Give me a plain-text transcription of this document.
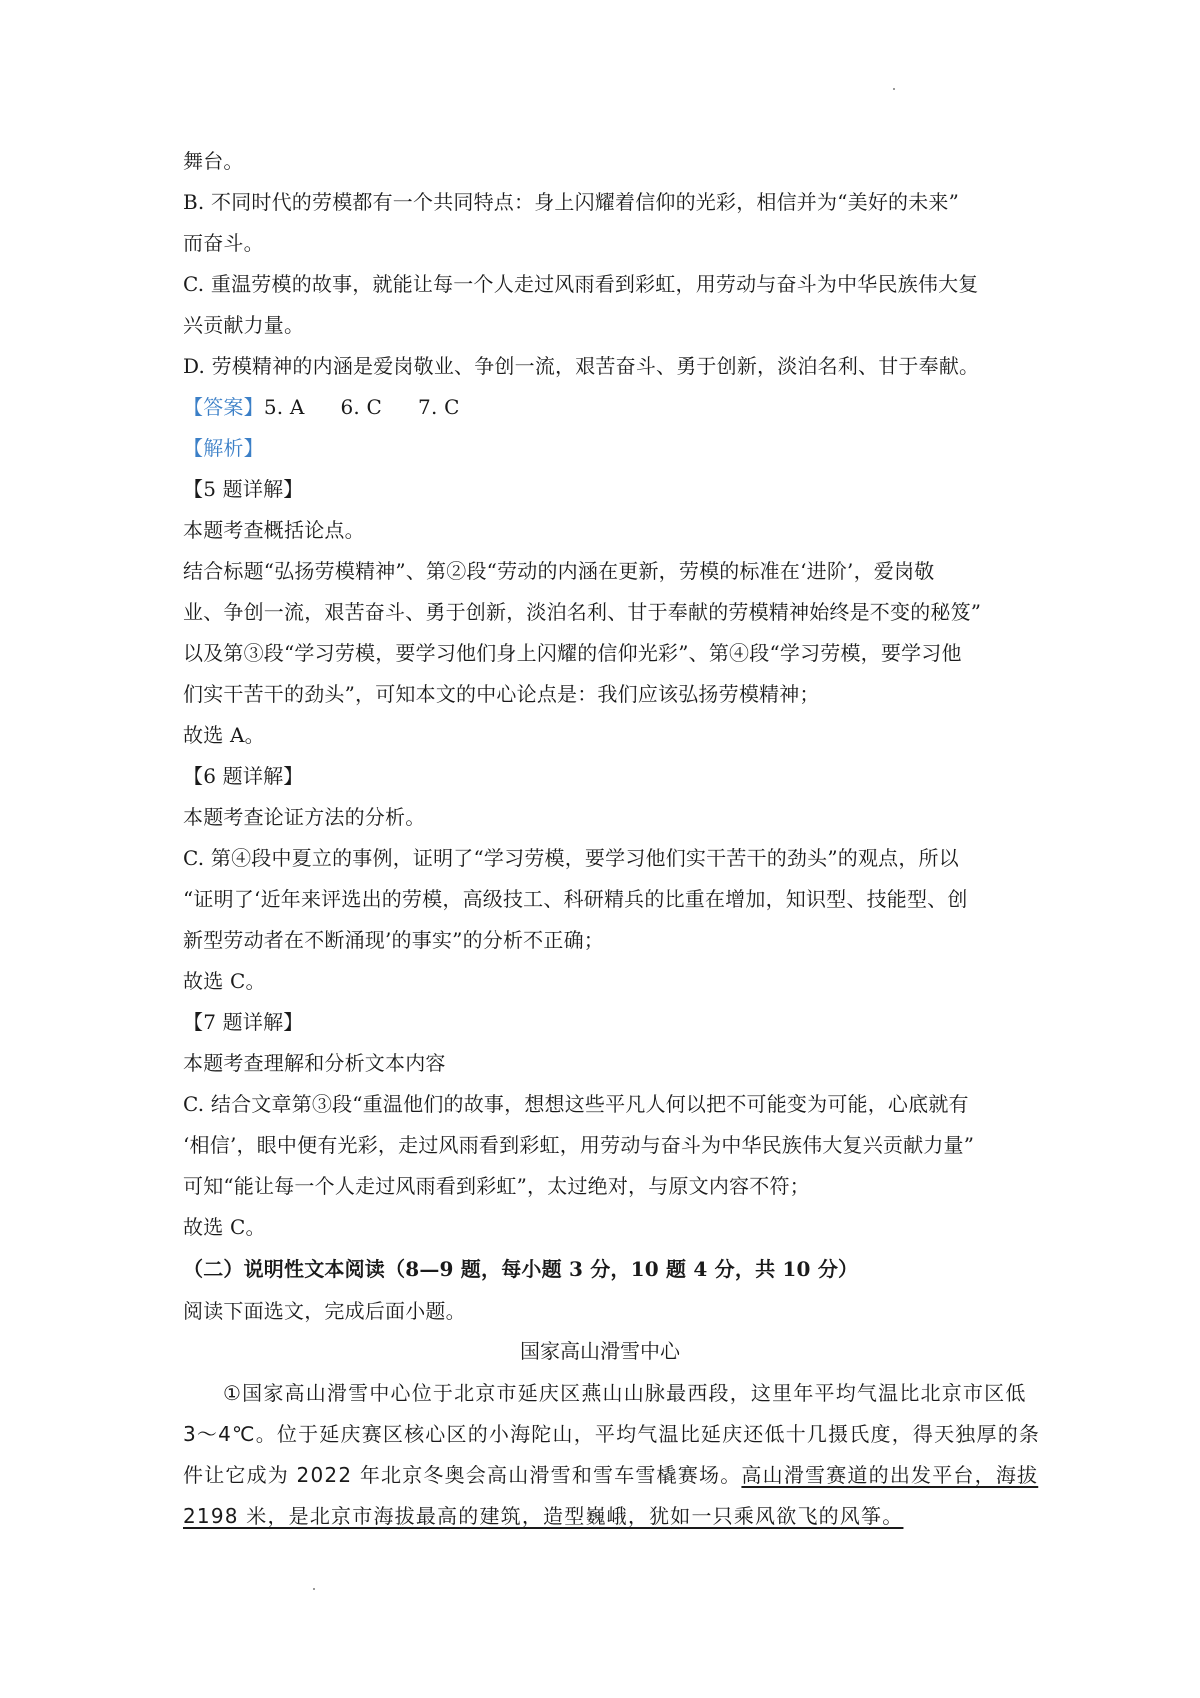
舞台。
B. 不同时代的劳模都有一个共同特点：身上闪耀着信仰的光彩，相信并为“美好的未来”
而奋斗。
C. 重温劳模的故事，就能让每一个人走过风雨看到彩虹，用劳动与奋斗为中华民族伟大复
兴贡献力量。
D. 劳模精神的内涵是爱岗敬业、争创一流，艰苦奋斗、勇于创新，淡泊名利、甘于奉献。
【答案】5. A 6. C 7. C
【解析】
【5 题详解】
本题考查概括论点。
结合标题“弘扬劳模精神”、第②段“劳动的内涵在更新，劳模的标准在‘进阶’，爱岗敬
业、争创一流，艰苦奋斗、勇于创新，淡泊名利、甘于奉献的劳模精神始终是不变的秘笈”
以及第③段“学习劳模，要学习他们身上闪耀的信仰光彩”、第④段“学习劳模，要学习他
们实干苦干的劲头”，可知本文的中心论点是：我们应该弘扬劳模精神；
故选 A。
【6 题详解】
本题考查论证方法的分析。
C. 第④段中夏立的事例，证明了“学习劳模，要学习他们实干苦干的劲头”的观点，所以
“证明了‘近年来评选出的劳模，高级技工、科研精兵的比重在增加，知识型、技能型、创
新型劳动者在不断涌现’的事实”的分析不正确；
故选 C。
【7 题详解】
本题考查理解和分析文本内容
C. 结合文章第③段“重温他们的故事，想想这些平凡人何以把不可能变为可能，心底就有
‘相信’，眼中便有光彩，走过风雨看到彩虹，用劳动与奋斗为中华民族伟大复兴贡献力量”
可知“能让每一个人走过风雨看到彩虹”，太过绝对，与原文内容不符；
故选 C。
（二）说明性文本阅读（8—9 题，每小题 3 分，10 题 4 分，共 10 分）
阅读下面选文，完成后面小题。
国家高山滑雪中心
①国家高山滑雪中心位于北京市延庆区燕山山脉最西段，这里年平均气温比北京市区低
3～4℃。位于延庆赛区核心区的小海陀山，平均气温比延庆还低十几摄氏度，得天独厚的条
件让它成为 2022 年北京冬奥会高山滑雪和雪车雪橇赛场。高山滑雪赛道的出发平台，海拔
2198 米，是北京市海拔最高的建筑，造型巍峨，犹如一只乘风欲飞的风筝。
